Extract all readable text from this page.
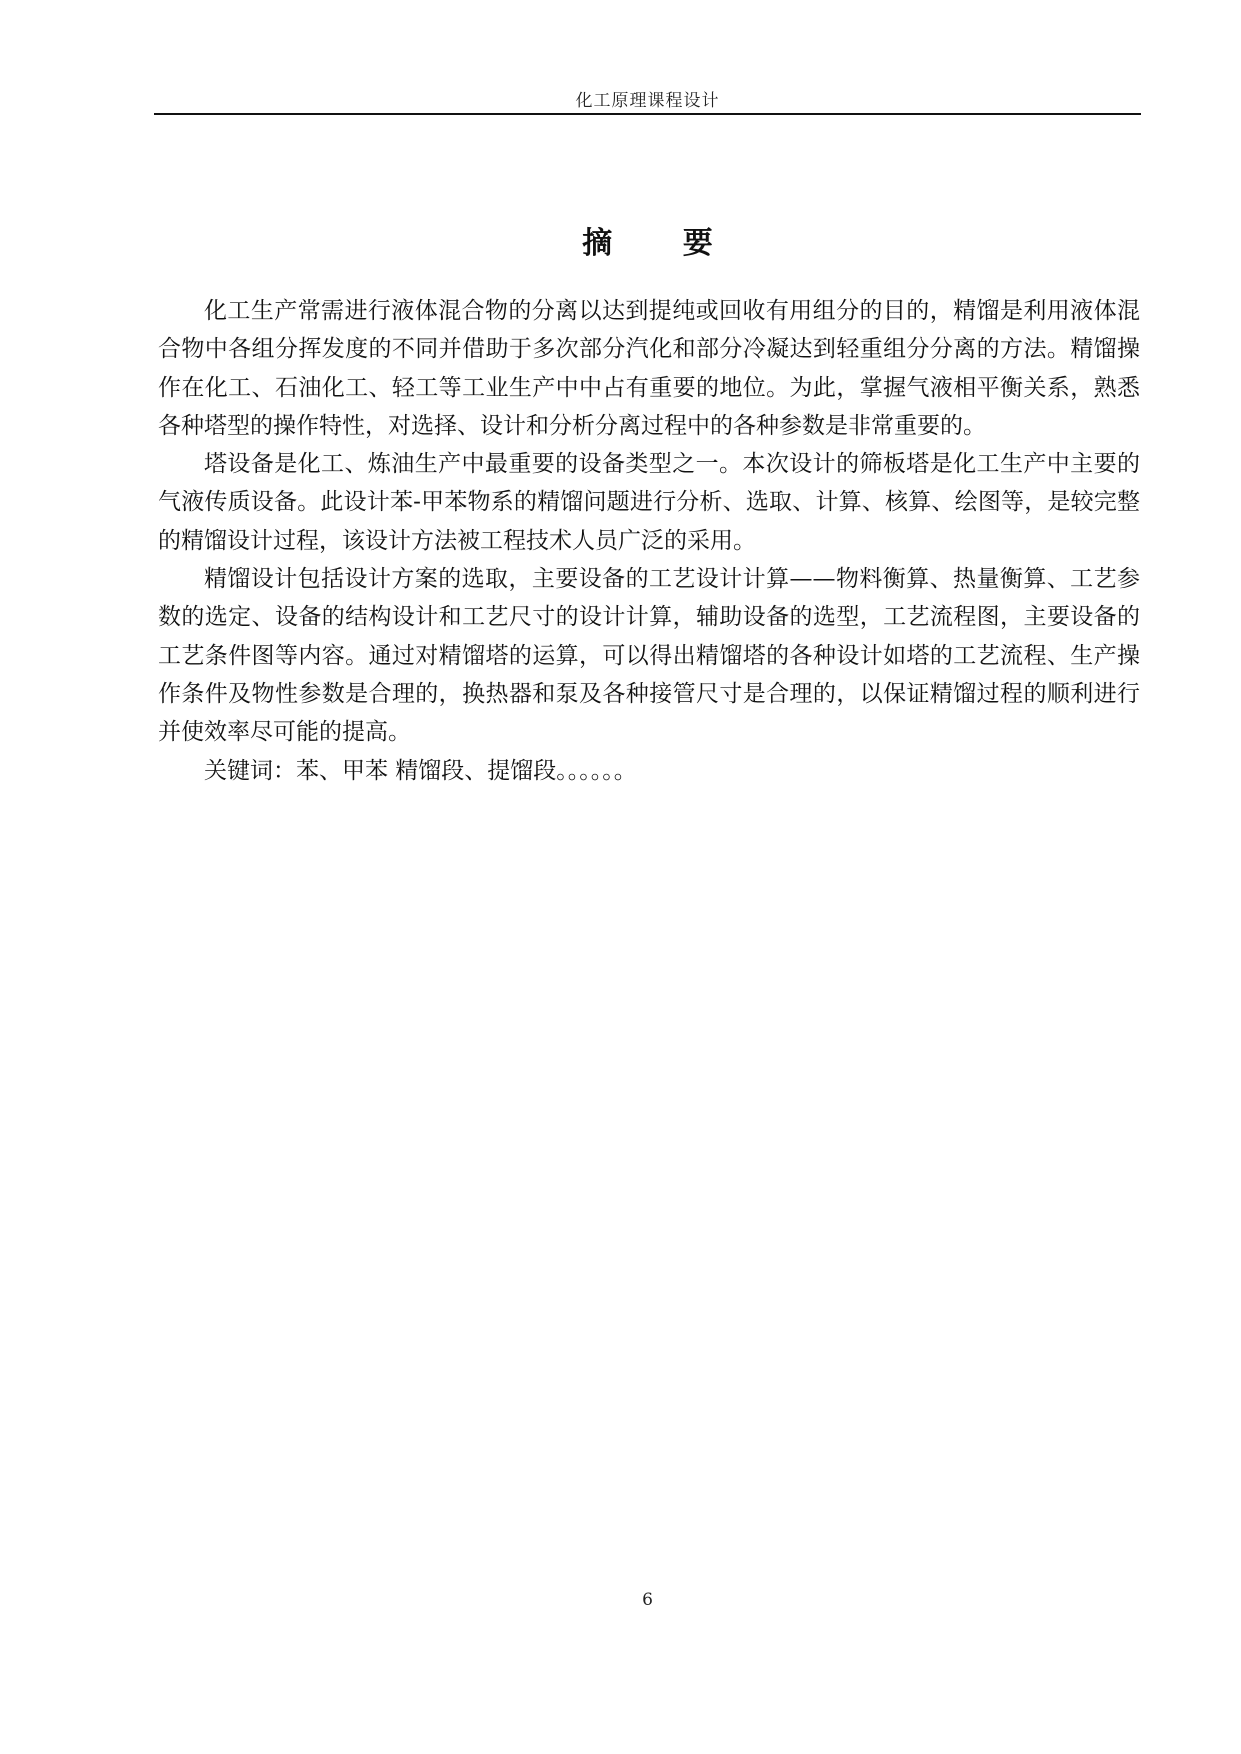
化工原理课程设计
摘 要

化工生产常需进行液体混合物的分离以达到提纯或回收有用组分的目的，精馏是利用液体混合物中各组分挥发度的不同并借助于多次部分汽化和部分冷凝达到轻重组分分离的方法。精馏操作在化工、石油化工、轻工等工业生产中中占有重要的地位。为此，掌握气液相平衡关系，熟悉各种塔型的操作特性，对选择、设计和分析分离过程中的各种参数是非常重要的。

塔设备是化工、炼油生产中最重要的设备类型之一。本次设计的筛板塔是化工生产中主要的气液传质设备。此设计苯-甲苯物系的精馏问题进行分析、选取、计算、核算、绘图等，是较完整的精馏设计过程，该设计方法被工程技术人员广泛的采用。

精馏设计包括设计方案的选取，主要设备的工艺设计计算——物料衡算、热量衡算、工艺参数的选定、设备的结构设计和工艺尺寸的设计计算，辅助设备的选型，工艺流程图，主要设备的工艺条件图等内容。通过对精馏塔的运算，可以得出精馏塔的各种设计如塔的工艺流程、生产操作条件及物性参数是合理的，换热器和泵及各种接管尺寸是合理的，以保证精馏过程的顺利进行并使效率尽可能的提高。

关键词：苯、甲苯 精馏段、提馏段。。。。。。

6
